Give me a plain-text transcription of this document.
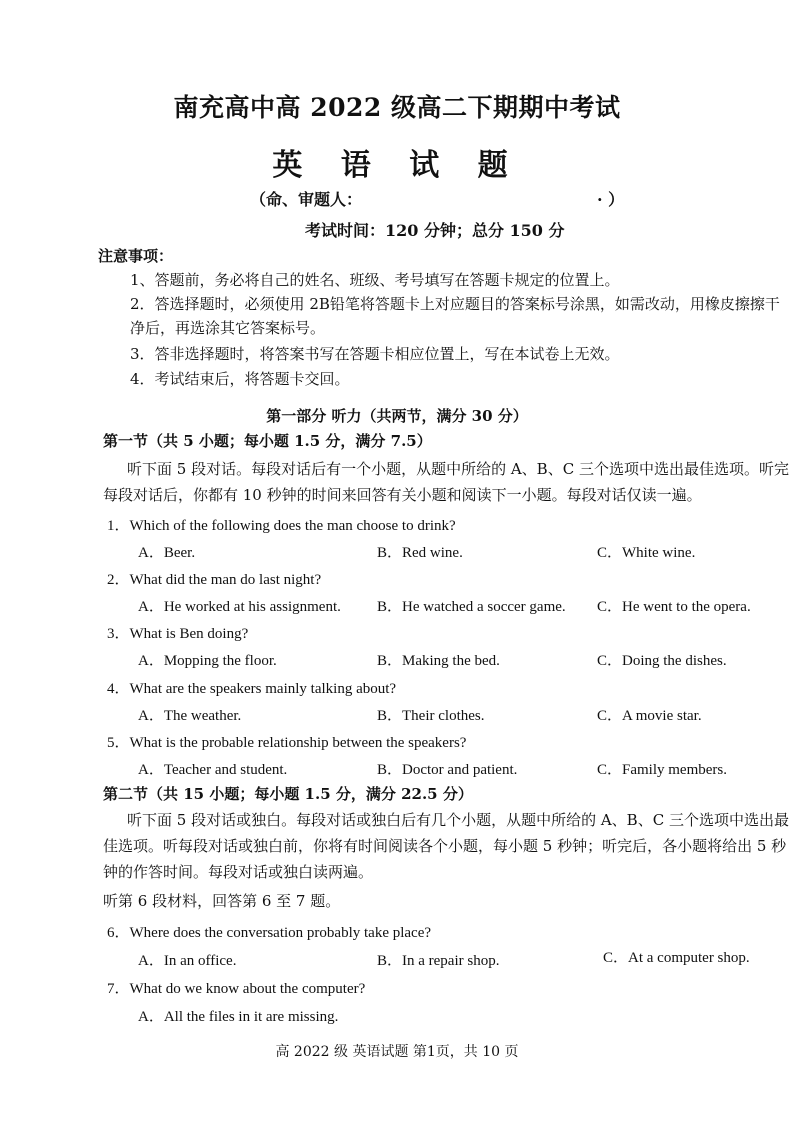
南充高中高 2022 级高二下期期中考试
英 语 试 题
（命、审题人：	· ）
考试时间：120 分钟；总分 150 分
注意事项：
1、答题前，务必将自己的姓名、班级、考号填写在答题卡规定的位置上。
2．答选择题时，必须使用 2B铅笔将答题卡上对应题目的答案标号涂黑，如需改动，用橡皮擦擦干净后，再选涂其它答案标号。
3．答非选择题时，将答案书写在答题卡相应位置上，写在本试卷上无效。
4．考试结束后，将答题卡交回。
第一部分 听力（共两节，满分 30 分）
第一节（共 5 小题；每小题 1.5 分，满分 7.5）
听下面 5 段对话。每段对话后有一个小题，从题中所给的 A、B、C 三个选项中选出最佳选项。听完每段对话后，你都有 10 秒钟的时间来回答有关小题和阅读下一小题。每段对话仅读一遍。
1．Which of the following does the man choose to drink?
A．Beer.	B．Red wine.	C．White wine.
2．What did the man do last night?
A．He worked at his assignment. B．He watched a soccer game. C．He went to the opera.
3．What is Ben doing?
A．Mopping the floor.	B．Making the bed.	C．Doing the dishes.
4．What are the speakers mainly talking about?
A．The weather.	B．Their clothes.	C．A movie star.
5．What is the probable relationship between the speakers?
A．Teacher and student.	B．Doctor and patient.	C．Family members.
第二节（共 15 小题；每小题 1.5 分，满分 22.5 分）
听下面 5 段对话或独白。每段对话或独白后有几个小题，从题中所给的 A、B、C 三个选项中选出最佳选项。听每段对话或独白前，你将有时间阅读各个小题，每小题 5 秒钟；听完后，各小题将给出 5 秒钟的作答时间。每段对话或独白读两遍。
听第 6 段材料，回答第 6 至 7 题。
6．Where does the conversation probably take place?
A．In an office.	B．In a repair shop.	C．At a computer shop.
7．What do we know about the computer?
A．All the files in it are missing.
高 2022 级 英语试题 第1页，共 10 页
